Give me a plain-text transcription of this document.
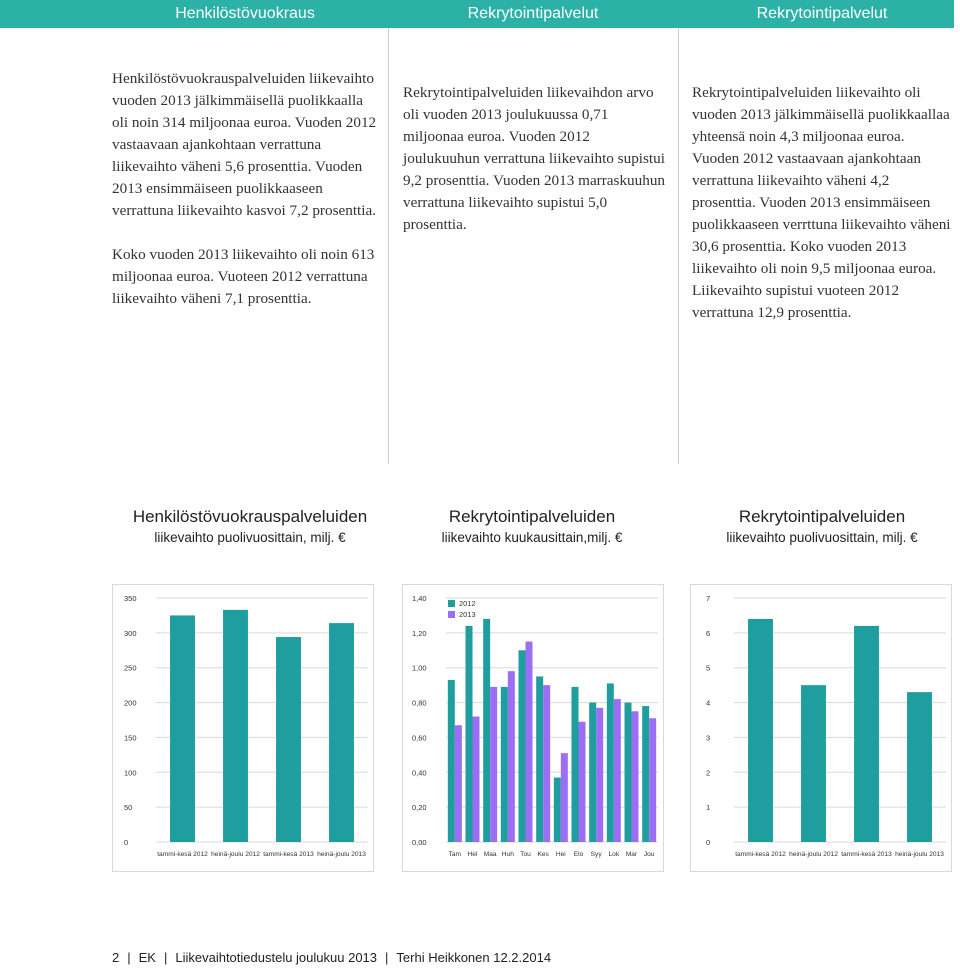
Henkilöstövuokraus	Rekrytointipalvelut	Rekrytointipalvelut

Henkilöstövuokrauspalveluiden liikevaihto vuoden 2013 jälkimmäisellä puolikkaalla oli noin 314 miljoonaa euroa. Vuoden 2012 vastaavaan ajankohtaan verrattuna liikevaihto väheni 5,6 prosenttia. Vuoden 2013 ensimmäiseen puolikkaaseen verrattuna liikevaihto kasvoi 7,2 prosenttia.

Koko vuoden 2013 liikevaihto oli noin 613 miljoonaa euroa. Vuoteen 2012 verrattuna liikevaihto väheni 7,1 prosenttia.

Rekrytointipalveluiden liikevaihdon arvo oli vuoden 2013 joulukuussa 0,71 miljoonaa euroa. Vuoden 2012 joulukuuhun verrattuna liikevaihto supistui 9,2 prosenttia. Vuoden 2013 marraskuuhun verrattuna liikevaihto supistui 5,0 prosenttia.

Rekrytointipalveluiden liikevaihto oli vuoden 2013 jälkimmäisellä puolikkaallaa yhteensä noin 4,3 miljoonaa euroa. Vuoden 2012 vastaavaan ajankohtaan verrattuna liikevaihto väheni 4,2 prosenttia. Vuoden 2013 ensimmäiseen puolikkaaseen verrttuna liikevaihto väheni 30,6 prosenttia. Koko vuoden 2013 liikevaihto oli noin 9,5 miljoonaa euroa. Liikevaihto supistui vuoteen 2012 verrattuna 12,9 prosenttia.

Henkilöstövuokrauspalveluiden
liikevaihto puolivuosittain, milj. €
Rekrytointipalveluiden
liikevaihto kuukausittain,milj. €
Rekrytointipalveluiden
liikevaihto puolivuosittain, milj. €
0
50
100
150
200
250
300
350
tammi-kesä 2012 heinä-joulu 2012 tammi-kesä 2013 heinä-joulu 2013
0,00
0,20
0,40
0,60
0,80
1,00
1,20
1,40
Tam Hel Maa Huh Tou Kes Hei Elo Syy Lok Mar Jou
2012
2013
0
1
2
3
4
5
6
7
tammi-kesä 2012 heinä-joulu 2012 tammi-kesä 2013 heinä-joulu 2013
2 | EK | Liikevaihtotiedustelu joulukuu 2013 | Terhi Heikkonen 12.2.2014
